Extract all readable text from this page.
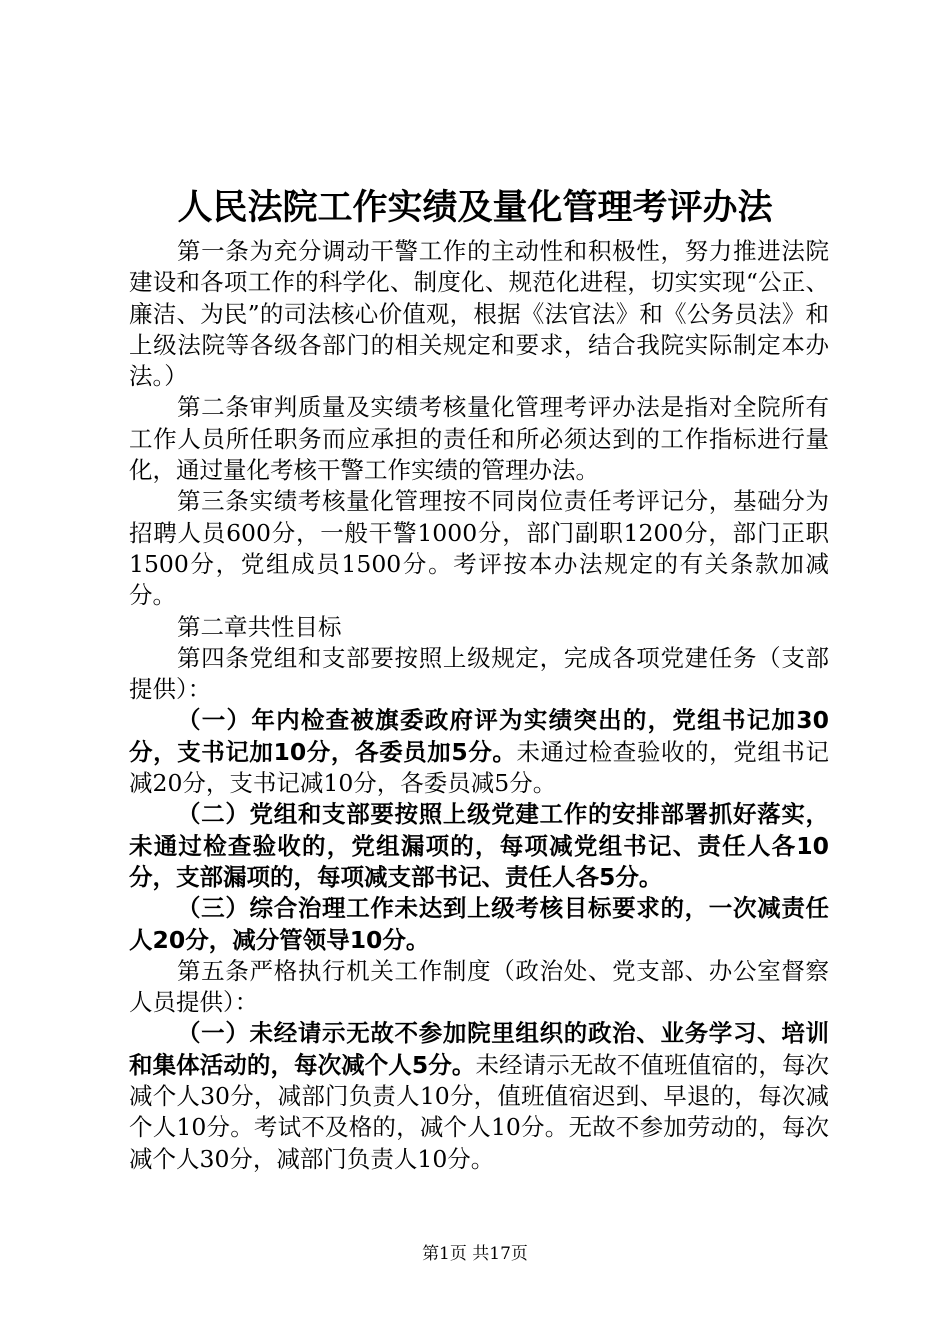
人民法院工作实绩及量化管理考评办法

第一条为充分调动干警工作的主动性和积极性，努力推进法院建设和各项工作的科学化、制度化、规范化进程，切实实现“公正、廉洁、为民”的司法核心价值观，根据《法官法》和《公务员法》和上级法院等各级各部门的相关规定和要求，结合我院实际制定本办法。）

第二条审判质量及实绩考核量化管理考评办法是指对全院所有工作人员所任职务而应承担的责任和所必须达到的工作指标进行量化，通过量化考核干警工作实绩的管理办法。

第三条实绩考核量化管理按不同岗位责任考评记分，基础分为招聘人员600分，一般干警1000分，部门副职1200分，部门正职1500分，党组成员1500分。考评按本办法规定的有关条款加减分。

第二章共性目标

第四条党组和支部要按照上级规定，完成各项党建任务（支部提供）：

（一）年内检查被旗委政府评为实绩突出的，党组书记加30分，支书记加10分，各委员加5分。未通过检查验收的，党组书记减20分，支书记减10分，各委员减5分。

（二）党组和支部要按照上级党建工作的安排部署抓好落实，未通过检查验收的，党组漏项的，每项减党组书记、责任人各10分，支部漏项的，每项减支部书记、责任人各5分。

（三）综合治理工作未达到上级考核目标要求的，一次减责任人20分，减分管领导10分。

第五条严格执行机关工作制度（政治处、党支部、办公室督察人员提供）：

（一）未经请示无故不参加院里组织的政治、业务学习、培训和集体活动的，每次减个人5分。未经请示无故不值班值宿的，每次减个人30分，减部门负责人10分，值班值宿迟到、早退的，每次减个人10分。考试不及格的，减个人10分。无故不参加劳动的，每次减个人30分，减部门负责人10分。

第1页 共17页
